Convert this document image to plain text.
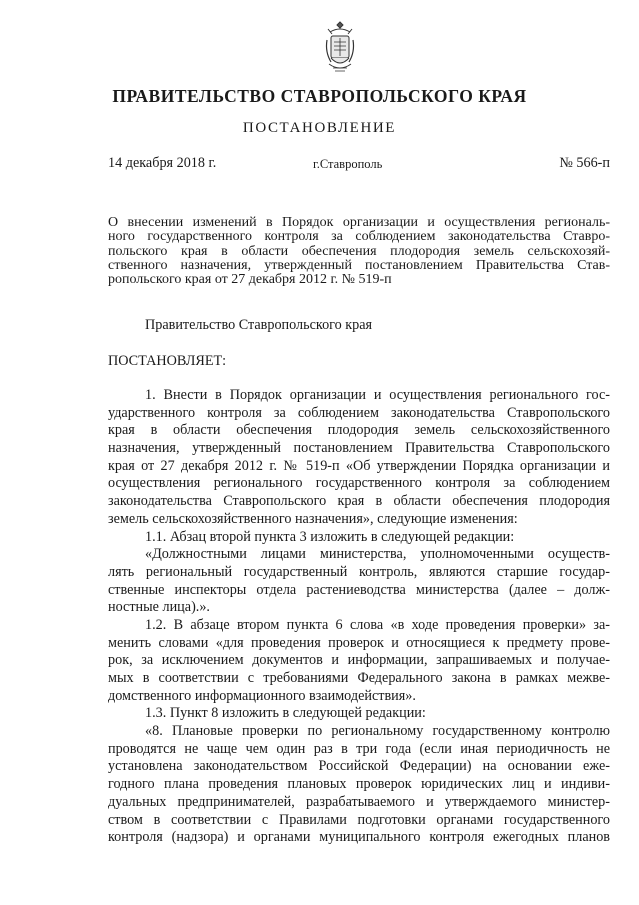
ПРАВИТЕЛЬСТВО СТАВРОПОЛЬСКОГО КРАЯ
ПОСТАНОВЛЕНИЕ
14 декабря 2018 г.	г.Ставрополь	№ 566-п
О внесении изменений в Порядок организации и осуществления региональ-
ного государственного контроля за соблюдением законодательства Ставро-
польского края в области обеспечения плодородия земель сельскохозяй-
ственного назначения, утвержденный постановлением Правительства Став-
ропольского края от 27 декабря 2012 г. № 519-п
Правительство Ставропольского края
ПОСТАНОВЛЯЕТ:
1. Внести в Порядок организации и осуществления регионального гос-
ударственного контроля за соблюдением законодательства Ставропольского
края в области обеспечения плодородия земель сельскохозяйственного
назначения, утвержденный постановлением Правительства Ставропольского
края от 27 декабря 2012 г. № 519-п «Об утверждении Порядка организации и
осуществления регионального государственного контроля за соблюдением
законодательства Ставропольского края в области обеспечения плодородия
земель сельскохозяйственного назначения», следующие изменения:
1.1. Абзац второй пункта 3 изложить в следующей редакции:
«Должностными лицами министерства, уполномоченными осуществ-
лять региональный государственный контроль, являются старшие государ-
ственные инспекторы отдела растениеводства министерства (далее – долж-
ностные лица).».
1.2. В абзаце втором пункта 6 слова «в ходе проведения проверки» за-
менить словами «для проведения проверок и относящиеся к предмету прове-
рок, за исключением документов и информации, запрашиваемых и получае-
мых в соответствии с требованиями Федерального закона в рамках межве-
домственного информационного взаимодействия».
1.3. Пункт 8 изложить в следующей редакции:
«8. Плановые проверки по региональному государственному контролю
проводятся не чаще чем один раз в три года (если иная периодичность не
установлена законодательством Российской Федерации) на основании еже-
годного плана проведения плановых проверок юридических лиц и индиви-
дуальных предпринимателей, разрабатываемого и утверждаемого министер-
ством в соответствии с Правилами подготовки органами государственного
контроля (надзора) и органами муниципального контроля ежегодных планов
